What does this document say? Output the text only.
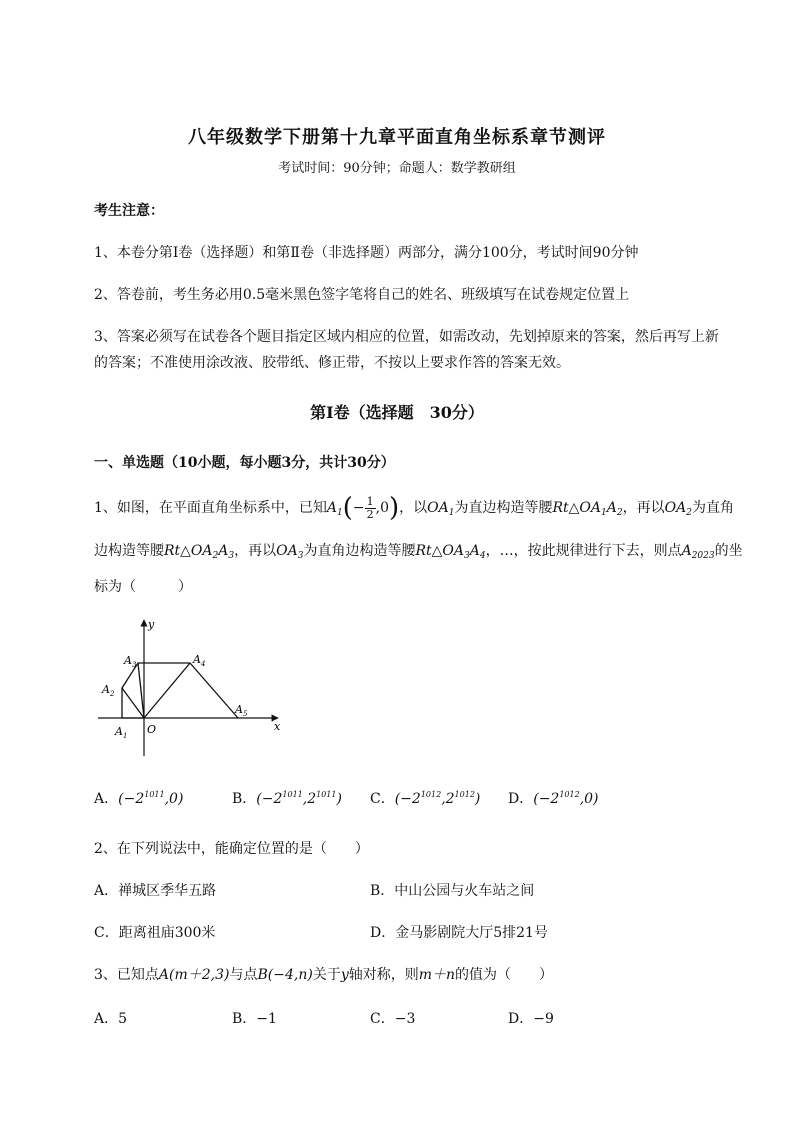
八年级数学下册第十九章平面直角坐标系章节测评
考试时间：90分钟；命题人：数学教研组
考生注意：
1、本卷分第I卷（选择题）和第Ⅱ卷（非选择题）两部分，满分100分，考试时间90分钟
2、答卷前，考生务必用0.5毫米黑色签字笔将自己的姓名、班级填写在试卷规定位置上
3、答案必须写在试卷各个题目指定区域内相应的位置，如需改动，先划掉原来的答案，然后再写上新
的答案；不准使用涂改液、胶带纸、修正带，不按以上要求作答的答案无效。
第I卷（选择题　30分）
一、单选题（10小题，每小题3分，共计30分）
1、如图，在平面直角坐标系中，已知$A_1(- \frac{1}{2} ,0)$，以$OA_1$为直边构造等腰$Rt\triangle OA_1A_2$，再以$OA_2$为直角
边构造等腰$Rt\triangle OA_2A_3$，再以$OA_3$为直角边构造等腰$Rt\triangle OA_3A_4$，…，按此规律进行下去，则点$A_{2023}$的坐
标为（　　　）
y
x
O
$A_1$
$A_2$
$A_3$	$A_4$
$A_5$
A．$(-2^{1011},0)$	B．$(-2^{1011},2^{1011})$ C．$(-2^{1012},2^{1012})$ D．$(-2^{1012},0)$
2、在下列说法中，能确定位置的是（　　）
A．禅城区季华五路	B．中山公园与火车站之间
C．距离祖庙300米	D．金马影剧院大厅5排21号
3、已知点A(m＋2,3)与点B(−4,n)关于y轴对称，则m＋n的值为（　　）
A．5	B．−1	C．−3	D．−9
